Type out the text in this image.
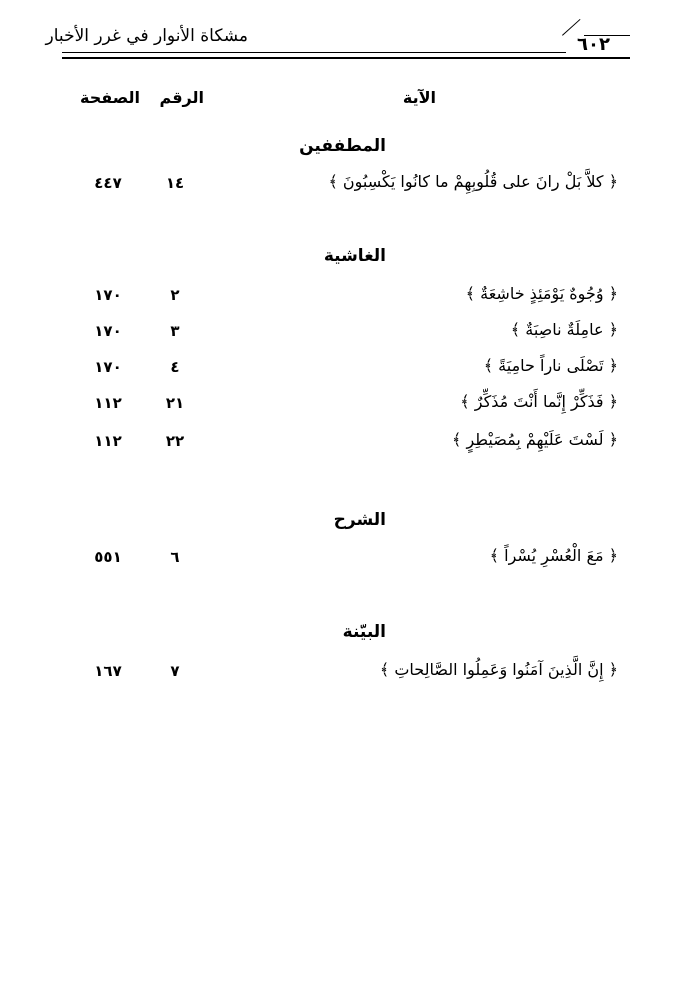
مشكاة الأنوار في غرر الأخبار	٦٠٢
الآية
الرقم
الصفحة
المطففين
﴿ كلاَّ بَلْ رانَ على قُلُوبِهِمْ ما كانُوا يَكْسِبُونَ ﴾
١٤
٤٤٧
الغاشية
﴿ وُجُوهٌ يَوْمَئِذٍ خاشِعَةٌ ﴾
٢
١٧٠
﴿ عامِلَةٌ ناصِبَةٌ ﴾
٣
١٧٠
﴿ تَصْلَى ناراً حامِيَةً ﴾
٤
١٧٠
﴿ فَذَكِّرْ إِنَّما أَنْتَ مُذَكِّرٌ ﴾
٢١
١١٢
﴿ لَسْتَ عَلَيْهِمْ بِمُصَيْطِرٍ ﴾
٢٢
١١٢
الشرح
﴿ مَعَ الْعُسْرِ يُسْراً ﴾
٦
٥٥١
البيّنة
﴿ إِنَّ الَّذِينَ آمَنُوا وَعَمِلُوا الصَّالِحاتِ ﴾
٧
١٦٧
